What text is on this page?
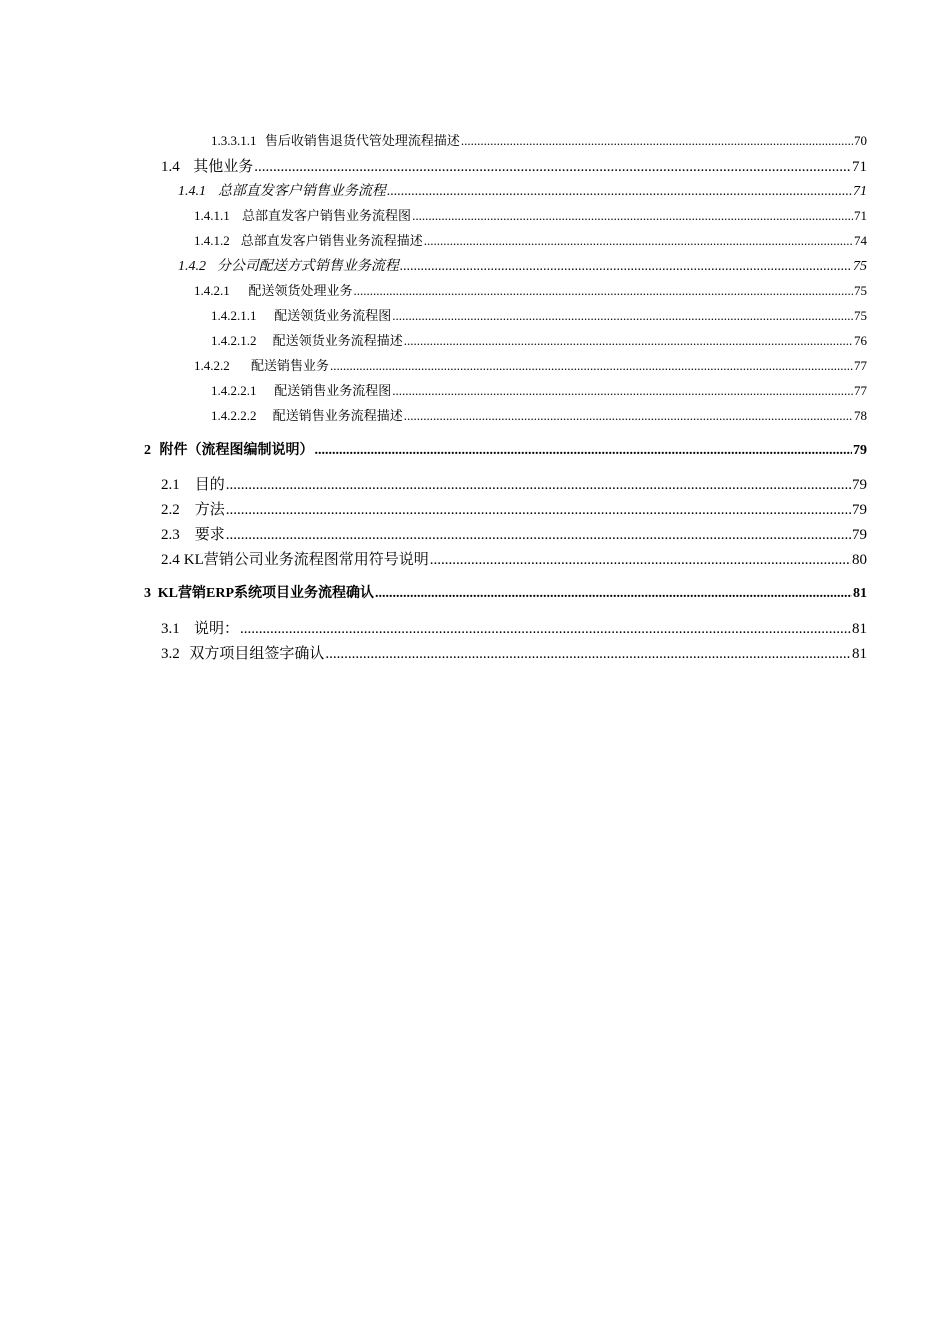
1.3.3.1.1 售后收销售退货代管处理流程描述 .....	70
1.4 其他业务 .....	71
1.4.1 总部直发客户销售业务流程 .....	71
1.4.1.1 总部直发客户销售业务流程图 .....	71
1.4.1.2 总部直发客户销售业务流程描述 .....	74
1.4.2 分公司配送方式销售业务流程 .....	75
1.4.2.1	配送领货处理业务 .....	75
1.4.2.1.1	配送领货业务流程图 .....	75
1.4.2.1.2	配送领货业务流程描述 .....	76
1.4.2.2	配送销售业务 .....	77
1.4.2.2.1	配送销售业务流程图 .....	77
1.4.2.2.2	配送销售业务流程描述 .....	78
2 附件（流程图编制说明） .....	79
2.1	目的 .....	79
2.2	方法 .....	79
2.3	要求 .....	79
2.4 KL营销公司业务流程图常用符号说明 .....	80
3 KL营销ERP系统项目业务流程确认 .....	81
3.1 说明： .....	81
3.2 双方项目组签字确认 .....	81
